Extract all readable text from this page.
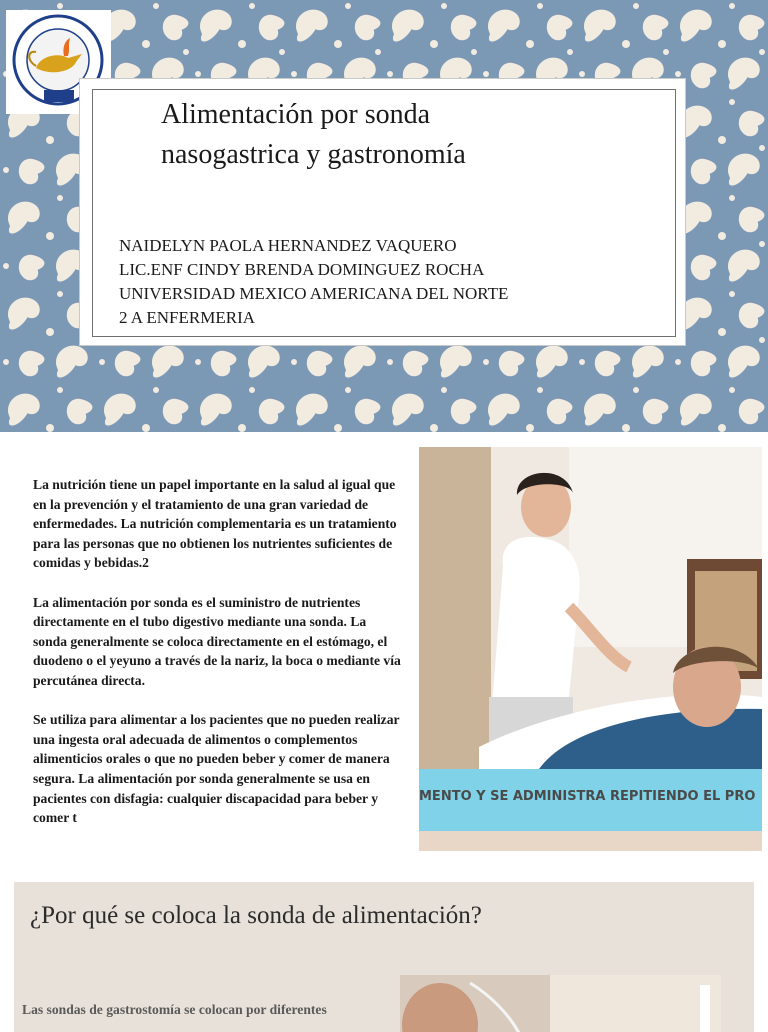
Alimentación por sonda
nasogastrica y gastronomía
NAIDELYN PAOLA HERNANDEZ VAQUERO
LIC.ENF CINDY BRENDA DOMINGUEZ ROCHA
UNIVERSIDAD MEXICO AMERICANA DEL NORTE
2 A ENFERMERIA

La nutrición tiene un papel importante en la salud al igual que en la prevención y el tratamiento de una gran variedad de enfermedades. La nutrición complementaria es un tratamiento para las personas que no obtienen los nutrientes suficientes de comidas y bebidas.2

La alimentación por sonda es el suministro de nutrientes directamente en el tubo digestivo mediante una sonda. La sonda generalmente se coloca directamente en el estómago, el duodeno o el yeyuno a través de la nariz, la boca o mediante vía percutánea directa.

Se utiliza para alimentar a los pacientes que no pueden realizar una ingesta oral adecuada de alimentos o complementos alimenticios orales o que no pueden beber y comer de manera segura. La alimentación por sonda generalmente se usa en pacientes con disfagia: cualquier discapacidad para beber y comer t

MENTO Y SE ADMINISTRA REPITIENDO EL PRO
¿Por qué se coloca la sonda de alimentación?
Las sondas de gastrostomía se colocan por diferentes
